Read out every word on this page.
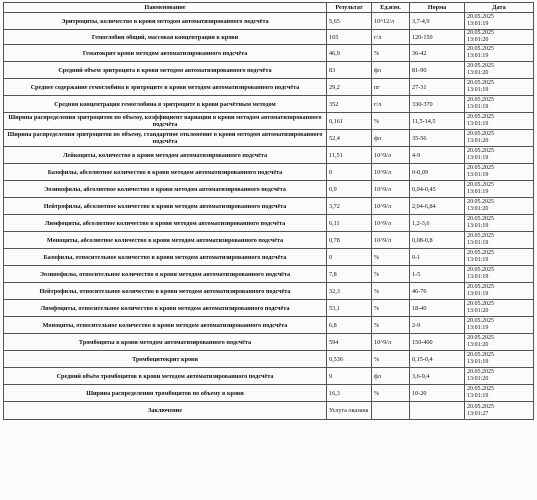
Наименование	Результат	Ед.изм.	Норма	Дата
Эритроциты, количество в крови методом автоматизированного подсчёта	5,65	10^12/л	3,7-4,9	20.05.2025
13:01:19

Гемоглобин общий, массовая концентрация в крови	165	г/л	120-150	20.05.2025
13:01:20

Гематокрит крови методом автоматизированного подсчёта	46,9	%	36-42	20.05.2025
13:01:19

Средний объем эритроцита в крови методом автоматизированного подсчёта	83	фл	81-90	20.05.2025
13:01:20

Среднее содержание гемоглобина в эритроците в крови методом автоматизированного подсчёта	29,2	пг	27-31	20.05.2025
13:01:19

Средняя концентрация гемоглобина в эритроците в крови расчётным методом	352	г/л	330-370	20.05.2025
13:01:19

Ширина распределения эритроцитов по объему, коэффициент вариации в крови методом автоматизированного подсчёта	0,161	%	11,5-14,5	20.05.2025
13:01:19

Ширина распределения эритроцитов по объему, стандартное отклонение в крови методом автоматизированного подсчёта	52,4	фл	35-56	20.05.2025
13:01:20

Лейкоциты, количество в крови методом автоматизированного подсчёта	11,51	10^9/л	4-9	20.05.2025
13:01:19

Базофилы, абсолютное количество в крови методом автоматизированного подсчёта	0	10^9/л	0-0,09	20.05.2025
13:01:19

Эозинофилы, абсолютное количество в крови методом автоматизированного подсчёта	0,9	10^9/л	0,04-0,45	20.05.2025
13:01:19

Нейтрофилы, абсолютное количество в крови методом автоматизированного подсчёта	3,72	10^9/л	2,04-6,84	20.05.2025
13:01:20

Лимфоциты, абсолютное количество в крови методом автоматизированного подсчёта	6,11	10^9/л	1,2-3,6	20.05.2025
13:01:19

Моноциты, абсолютное количество в крови методом автоматизированного подсчёта	0,78	10^9/л	0,08-0,8	20.05.2025
13:01:19

Базофилы, относительное количество в крови методом автоматизированного подсчёта	0	%	0-1	20.05.2025
13:01:19

Эозинофилы, относительное количество в крови методом автоматизированного подсчёта	7,8	%	1-5	20.05.2025
13:01:19

Нейтрофилы, относительное количество в крови методом автоматизированного подсчёта	32,3	%	46-76	20.05.2025
13:01:19

Лимфоциты, относительное количество в крови методом автоматизированного подсчёта	53,1	%	18-40	20.05.2025
13:01:20

Моноциты, относительное количество в крови методом автоматизированного подсчёта	6,8	%	2-9	20.05.2025
13:01:19

Тромбоциты в крови методом автоматизированного подсчёта	594	10^9/л	150-400	20.05.2025
13:01:20

Тромбоцитокрит крови	0,536	%	0,15-0,4	20.05.2025
13:01:19

Средний объём тромбоцитов в крови методом автоматизированного подсчёта	9	фл	3,6-9,4	20.05.2025
13:01:20

Ширина распределения тромбоцитов по объему в крови	16,3	%	10-20	20.05.2025
13:01:19

Заключение	Услуга оказана			20.05.2025
13:01:27
